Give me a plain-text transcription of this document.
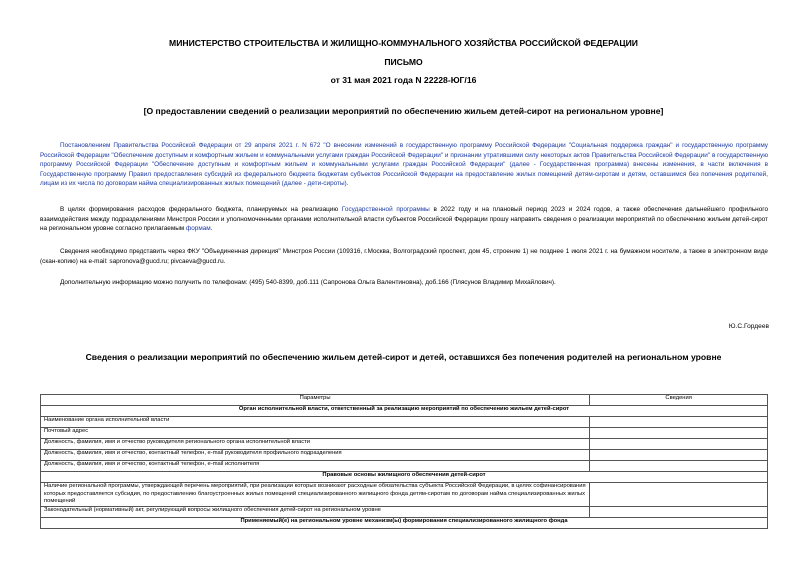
МИНИСТЕРСТВО СТРОИТЕЛЬСТВА И ЖИЛИЩНО-КОММУНАЛЬНОГО ХОЗЯЙСТВА РОССИЙСКОЙ ФЕДЕРАЦИИ
ПИСЬМО
от 31 мая 2021 года N 22228-ЮГ/16
[О предоставлении сведений о реализации мероприятий по обеспечению жильем детей-сирот на региональном уровне]
Постановлением Правительства Российской Федерации от 29 апреля 2021 г. N 672 "О внесении изменений в государственную программу Российской Федерации "Социальная поддержка граждан" и государственную программу Российской Федерации "Обеспечение доступным и комфортным жильем и коммунальными услугами граждан Российской Федерации" и признании утратившими силу некоторых актов Правительства Российской Федерации" в государственную программу Российской Федерации "Обеспечение доступным и комфортным жильем и коммунальными услугами граждан Российской Федерации" (далее - Государственная программа) внесены изменения, в части включения в Государственную программу Правил предоставления субсидий из федерального бюджета бюджетам субъектов Российской Федерации на предоставление жилых помещений детям-сиротам и детям, оставшимся без попечения родителей, лицам из их числа по договорам найма специализированных жилых помещений (далее - дети-сироты).
В целях формирования расходов федерального бюджета, планируемых на реализацию Государственной программы в 2022 году и на плановый период 2023 и 2024 годов, а также обеспечения дальнейшего профильного взаимодействия между подразделениями Минстроя России и уполномоченными органами исполнительной власти субъектов Российской Федерации прошу направить сведения о реализации мероприятий по обеспечению жильем детей-сирот на региональном уровне согласно прилагаемым формам.
Сведения необходимо представить через ФКУ "Объединенная дирекция" Минстроя России (109316, г.Москва, Волгоградский проспект, дом 45, строение 1) не позднее 1 июля 2021 г. на бумажном носителе, а также в электронном виде (скан-копию) на e-mail: sapronova@gucd.ru; pivcaeva@gucd.ru.
Дополнительную информацию можно получить по телефонам: (495) 540-8399, доб.111 (Сапронова Ольга Валентиновна), доб.166 (Плясунов Владимир Михайлович).
Ю.С.Гордеев
Сведения о реализации мероприятий по обеспечению жильем детей-сирот и детей, оставшихся без попечения родителей на региональном уровне
Параметры	Сведения
Орган исполнительной власти, ответственный за реализацию мероприятий по обеспечению жильем детей-сирот	
Наименование органа исполнительной власти	
Почтовый адрес	
Должность, фамилия, имя и отчество руководителя регионального органа исполнительной власти	
Должность, фамилия, имя и отчество, контактный телефон, e-mail руководителя профильного подразделения	
Должность, фамилия, имя и отчество, контактный телефон, e-mail исполнителя	
Правовые основы жилищного обеспечения детей-сирот	
Наличие региональной программы, утверждающей перечень мероприятий, при реализации которых возникают расходные обязательства субъекта Российской Федерации, в целях софинансирования которых предоставляется субсидия, по предоставлению благоустроенных жилых помещений специализированного жилищного фонда детям-сиротам по договорам найма специализированных жилых помещений	
Законодательный (нормативный) акт, регулирующий вопросы жилищного обеспечения детей-сирот на региональном уровне	
Применяемый(е) на региональном уровне механизм(ы) формирования специализированного жилищного фонда	
